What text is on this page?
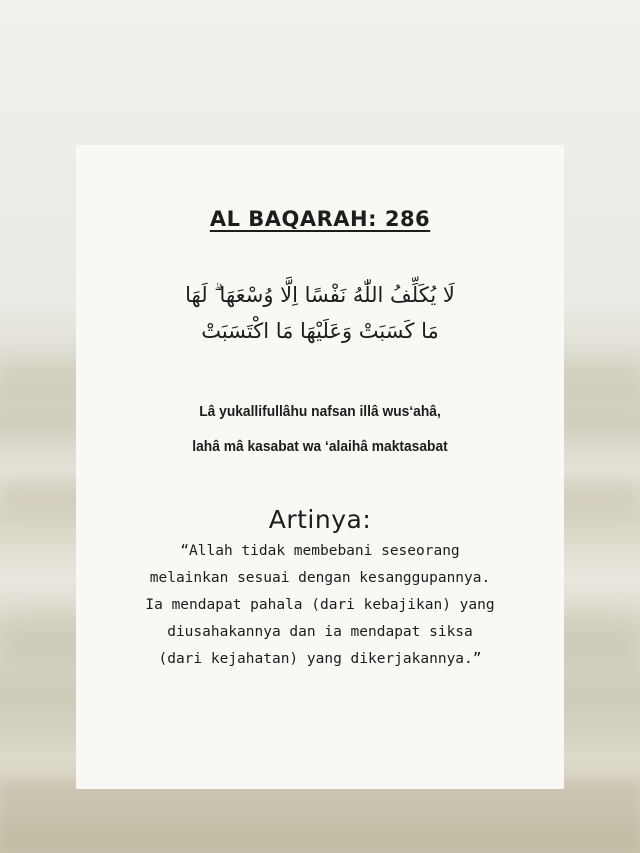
AL BAQARAH: 286
لَا يُكَلِّفُ اللّٰهُ نَفْسًا اِلَّا وُسْعَهَا ۗ لَهَا
مَا كَسَبَتْ وَعَلَيْهَا مَا اكْتَسَبَتْ
Lâ yukallifullâhu nafsan illâ wus‘ahâ,
lahâ mâ kasabat wa ‘alaihâ maktasabat
Artinya:
“Allah tidak membebani seseorang
melainkan sesuai dengan kesanggupannya.
Ia mendapat pahala (dari kebajikan) yang
diusahakannya dan ia mendapat siksa
(dari kejahatan) yang dikerjakannya.”
